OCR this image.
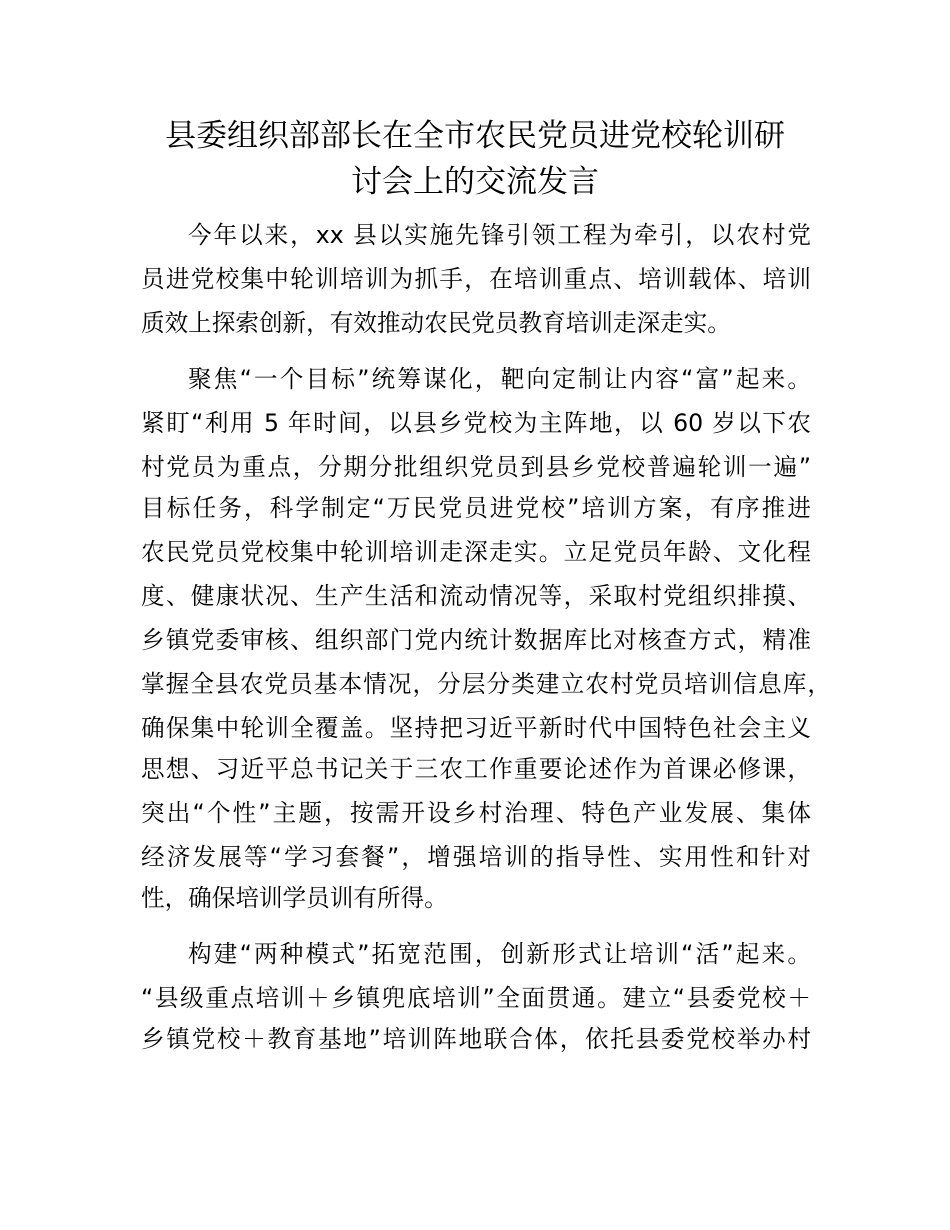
县委组织部部长在全市农民党员进党校轮训研
讨会上的交流发言
今年以来，xx 县以实施先锋引领工程为牵引，以农村党
员进党校集中轮训培训为抓手，在培训重点、培训载体、培训
质效上探索创新，有效推动农民党员教育培训走深走实。
聚焦“一个目标”统筹谋化，靶向定制让内容“富”起来。
紧盯“利用 5 年时间，以县乡党校为主阵地，以 60 岁以下农
村党员为重点，分期分批组织党员到县乡党校普遍轮训一遍”
目标任务，科学制定“万民党员进党校”培训方案，有序推进
农民党员党校集中轮训培训走深走实。立足党员年龄、文化程
度、健康状况、生产生活和流动情况等，采取村党组织排摸、
乡镇党委审核、组织部门党内统计数据库比对核查方式，精准
掌握全县农党员基本情况，分层分类建立农村党员培训信息库，
确保集中轮训全覆盖。坚持把习近平新时代中国特色社会主义
思想、习近平总书记关于三农工作重要论述作为首课必修课，
突出“个性”主题，按需开设乡村治理、特色产业发展、集体
经济发展等“学习套餐”，增强培训的指导性、实用性和针对
性，确保培训学员训有所得。
构建“两种模式”拓宽范围，创新形式让培训“活”起来。
“县级重点培训＋乡镇兜底培训”全面贯通。建立“县委党校＋
乡镇党校＋教育基地”培训阵地联合体，依托县委党校举办村
